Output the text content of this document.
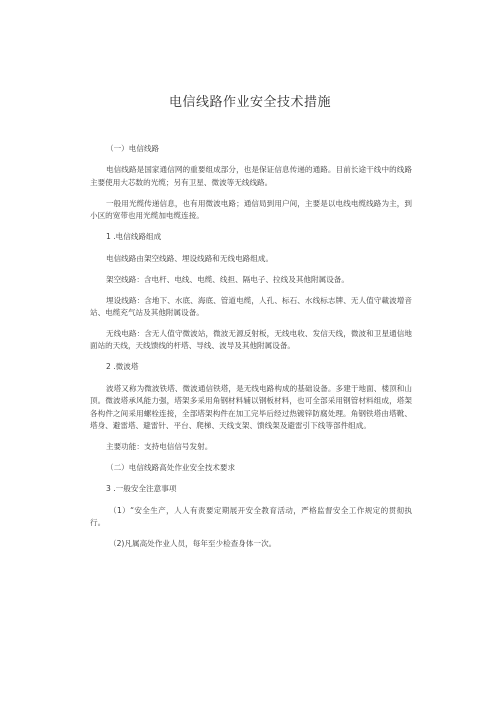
电信线路作业安全技术措施

（一）电信线路

电信线路是国家通信网的重要组成部分，也是保证信息传递的通路。目前长途干线中的线路主要使用大芯数的光缆；另有卫星、微波等无线线路。

一般用光缆传递信息，也有用微波电路；通信局到用户间，主要是以电线电缆线路为主，到小区的宽带也用光缆加电缆连接。

1 .电信线路组成

电信线路由架空线路、埋设线路和无线电路组成。

架空线路：含电杆、电线、电缆、线担、隔电子、拉线及其他附属设备。

埋设线路：含地下、水底、海底、管道电缆，人孔、标石、水线标志牌、无人值守載波增音站、电缆充气站及其他附属设备。

无线电路：含无人值守微波站，微波无源反射板，无线电收、发信天线，微波和卫星通信地面站的天线，天线馈线的杆塔、导线、波导及其他附属设备。

2 .微波塔

波塔又称为微波铁塔、微波通信铁塔，是无线电路构成的基础设备。多建于地面、楼顶和山顶。微波塔承风能力强，塔架多采用角钢材料辅以钢板材料，也可全部采用钢管材料组成，塔架各构件之间采用螺栓连接，全部塔架构件在加工完毕后经过热镀锌防腐处理。角钢铁塔由塔靴、塔身、避雷塔、避雷针、平台、爬梯、天线支架、馈线架及避雷引下线等部件组成。

主要功能：支持电信信号发射。

（二）电信线路高处作业安全技术要求

3 .一般安全注意事项

（1）“安全生产，人人有责要定期展开安全教育活动，严格监督安全工作规定的贯彻执行。

（2)凡属高处作业人员，每年至少检查身体一次。
